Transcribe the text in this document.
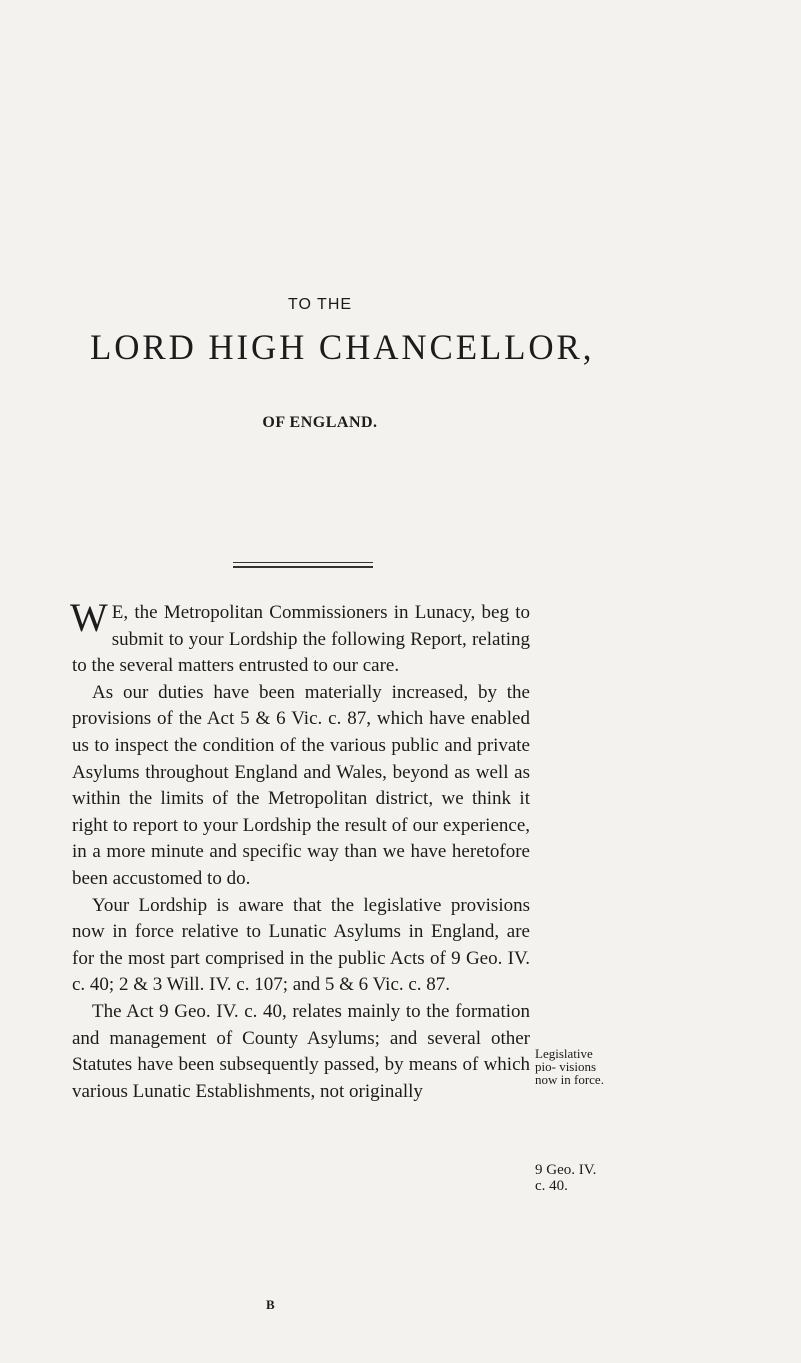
TO THE
LORD HIGH CHANCELLOR,
OF ENGLAND.

W E, the Metropolitan Commissioners in Lunacy, beg to submit to your Lordship the following Report, relating to the several matters entrusted to our care.

As our duties have been materially increased, by the provisions of the Act 5 & 6 Vic. c. 87, which have enabled us to inspect the condition of the various public and private Asylums throughout England and Wales, beyond as well as within the limits of the Metropolitan district, we think it right to report to your Lordship the result of our experience, in a more minute and specific way than we have heretofore been accustomed to do.

Your Lordship is aware that the legislative provisions now in force relative to Lunatic Asylums in England, are for the most part comprised in the public Acts of 9 Geo. IV. c. 40; 2 & 3 Will. IV. c. 107; and 5 & 6 Vic. c. 87.

The Act 9 Geo. IV. c. 40, relates mainly to the formation and management of County Asylums; and several other Statutes have been subsequently passed, by means of which various Lunatic Establishments, not originally

Legislative pio- visions now in force.
9 Geo. IV. c. 40.
B
